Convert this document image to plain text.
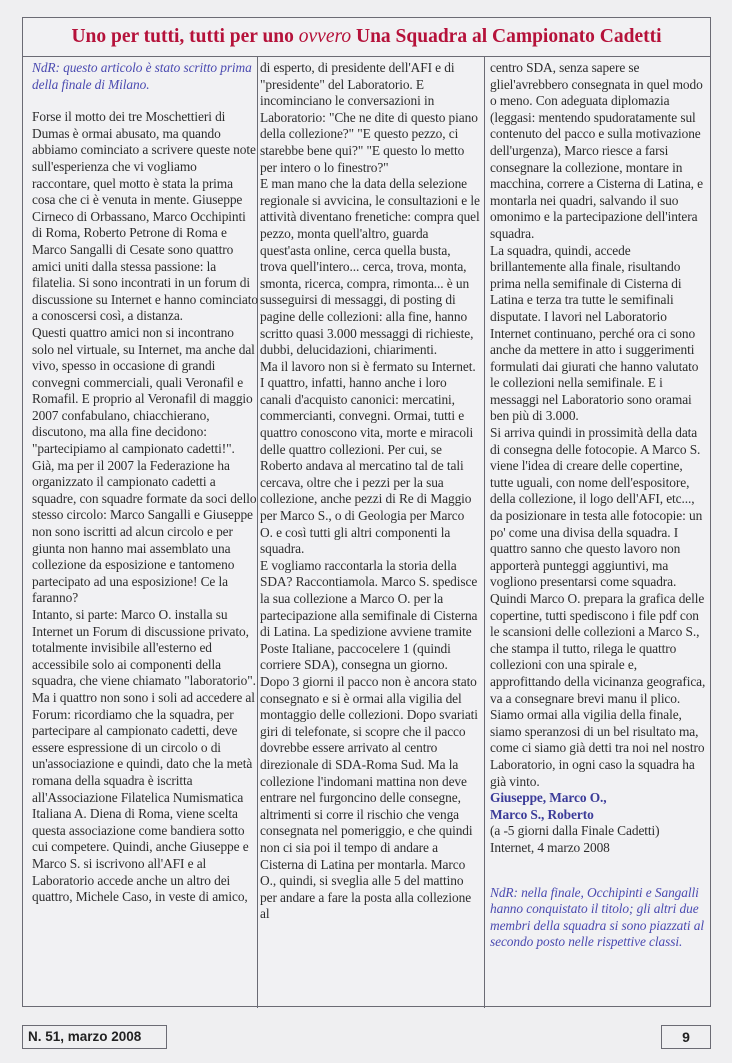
Uno per tutti, tutti per uno ovvero Una Squadra al Campionato Cadetti

NdR: questo articolo è stato scritto prima della finale di Milano.

Forse il motto dei tre Moschettieri di Dumas è ormai abusato, ma quando abbiamo cominciato a scrivere queste note sull'esperienza che vi vogliamo raccontare, quel motto è stata la prima cosa che ci è venuta in mente. Giuseppe Cirneco di Orbassano, Marco Occhipinti di Roma, Roberto Petrone di Roma e Marco Sangalli di Cesate sono quattro amici uniti dalla stessa passione: la filatelia. Si sono incontrati in un forum di discussione su Internet e hanno cominciato a conoscersi così, a distanza.

Questi quattro amici non si incontrano solo nel virtuale, su Internet, ma anche dal vivo, spesso in occasione di grandi convegni commerciali, quali Veronafil e Romafil. E proprio al Veronafil di maggio 2007 confabulano, chiacchierano, discutono, ma alla fine decidono: "partecipiamo al campionato cadetti!".

Già, ma per il 2007 la Federazione ha organizzato il campionato cadetti a squadre, con squadre formate da soci dello stesso circolo: Marco Sangalli e Giuseppe non sono iscritti ad alcun circolo e per giunta non hanno mai assemblato una collezione da esposizione e tantomeno partecipato ad una esposizione! Ce la faranno?

Intanto, si parte: Marco O. installa su Internet un Forum di discussione privato, totalmente invisibile all'esterno ed accessibile solo ai componenti della squadra, che viene chiamato "laboratorio".

Ma i quattro non sono i soli ad accedere al Forum: ricordiamo che la squadra, per partecipare al campionato cadetti, deve essere espressione di un circolo o di un'associazione e quindi, dato che la metà romana della squadra è iscritta all'Associazione Filatelica Numismatica Italiana A. Diena di Roma, viene scelta questa associazione come bandiera sotto cui competere. Quindi, anche Giuseppe e Marco S. si iscrivono all'AFI e al Laboratorio accede anche un altro dei quattro, Michele Caso, in veste di amico,

di esperto, di presidente dell'AFI e di "presidente" del Laboratorio. E incominciano le conversazioni in Laboratorio: "Che ne dite di questo piano della collezione?" "E questo pezzo, ci starebbe bene qui?" "E questo lo metto per intero o lo finestro?"

E man mano che la data della selezione regionale si avvicina, le consultazioni e le attività diventano frenetiche: compra quel pezzo, monta quell'altro, guarda quest'asta online, cerca quella busta, trova quell'intero... cerca, trova, monta, smonta, ricerca, compra, rimonta... è un susseguirsi di messaggi, di posting di pagine delle collezioni: alla fine, hanno scritto quasi 3.000 messaggi di richieste, dubbi, delucidazioni, chiarimenti.

Ma il lavoro non si è fermato su Internet. I quattro, infatti, hanno anche i loro canali d'acquisto canonici: mercatini, commercianti, convegni. Ormai, tutti e quattro conoscono vita, morte e miracoli delle quattro collezioni. Per cui, se Roberto andava al mercatino tal de tali cercava, oltre che i pezzi per la sua collezione, anche pezzi di Re di Maggio per Marco S., o di Geologia per Marco O. e così tutti gli altri componenti la squadra.

E vogliamo raccontarla la storia della SDA? Raccontiamola. Marco S. spedisce la sua collezione a Marco O. per la partecipazione alla semifinale di Cisterna di Latina. La spedizione avviene tramite Poste Italiane, paccocelere 1 (quindi corriere SDA), consegna un giorno. Dopo 3 giorni il pacco non è ancora stato consegnato e si è ormai alla vigilia del montaggio delle collezioni. Dopo svariati giri di telefonate, si scopre che il pacco dovrebbe essere arrivato al centro direzionale di SDA-Roma Sud. Ma la collezione l'indomani mattina non deve entrare nel furgoncino delle consegne, altrimenti si corre il rischio che venga consegnata nel pomeriggio, e che quindi non ci sia poi il tempo di andare a Cisterna di Latina per montarla. Marco O., quindi, si sveglia alle 5 del mattino per andare a fare la posta alla collezione al

centro SDA, senza sapere se gliel'avrebbero consegnata in quel modo o meno. Con adeguata diplomazia (leggasi: mentendo spudoratamente sul contenuto del pacco e sulla motivazione dell'urgenza), Marco riesce a farsi consegnare la collezione, montare in macchina, correre a Cisterna di Latina, e montarla nei quadri, salvando il suo omonimo e la partecipazione dell'intera squadra.

La squadra, quindi, accede brillantemente alla finale, risultando prima nella semifinale di Cisterna di Latina e terza tra tutte le semifinali disputate. I lavori nel Laboratorio Internet continuano, perché ora ci sono anche da mettere in atto i suggerimenti formulati dai giurati che hanno valutato le collezioni nella semifinale. E i messaggi nel Laboratorio sono oramai ben più di 3.000.

Si arriva quindi in prossimità della data di consegna delle fotocopie. A Marco S. viene l'idea di creare delle copertine, tutte uguali, con nome dell'espositore, della collezione, il logo dell'AFI, etc..., da posizionare in testa alle fotocopie: un po' come una divisa della squadra. I quattro sanno che questo lavoro non apporterà punteggi aggiuntivi, ma vogliono presentarsi come squadra. Quindi Marco O. prepara la grafica delle copertine, tutti spediscono i file pdf con le scansioni delle collezioni a Marco S., che stampa il tutto, rilega le quattro collezioni con una spirale e, approfittando della vicinanza geografica, va a consegnare brevi manu il plico.

Siamo ormai alla vigilia della finale, siamo speranzosi di un bel risultato ma, come ci siamo già detti tra noi nel nostro Laboratorio, in ogni caso la squadra ha già vinto.

Giuseppe, Marco O.,

Marco S., Roberto

(a -5 giorni dalla Finale Cadetti)

Internet, 4 marzo 2008

NdR: nella finale, Occhipinti e Sangalli hanno conquistato il titolo; gli altri due membri della squadra si sono piazzati al secondo posto nelle rispettive classi.

N. 51, marzo 2008	9
